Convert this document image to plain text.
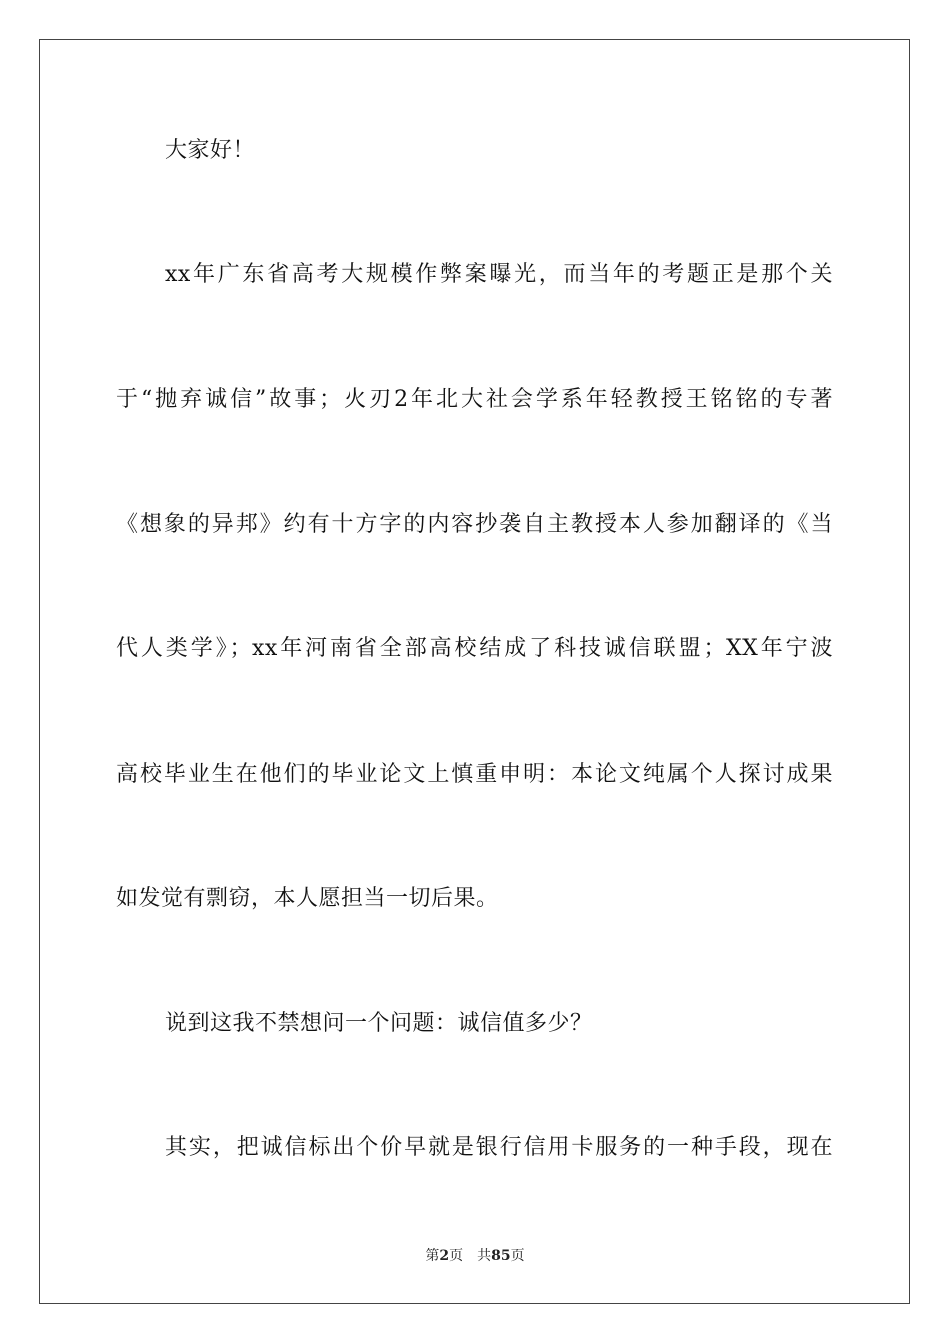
大家好！
xx年广东省高考大规模作弊案曝光，而当年的考题正是那个关
于“抛弃诚信”故事；火刃2年北大社会学系年轻教授王铭铭的专著
《想象的异邦》约有十方字的内容抄袭自主教授本人参加翻译的《当
代人类学》；xx年河南省全部高校结成了科技诚信联盟；XX年宁波
高校毕业生在他们的毕业论文上慎重申明：本论文纯属个人探讨成果
如发觉有剽窃，本人愿担当一切后果。
说到这我不禁想问一个问题：诚信值多少？
其实，把诚信标出个价早就是银行信用卡服务的一种手段，现在
第2页 共85页
